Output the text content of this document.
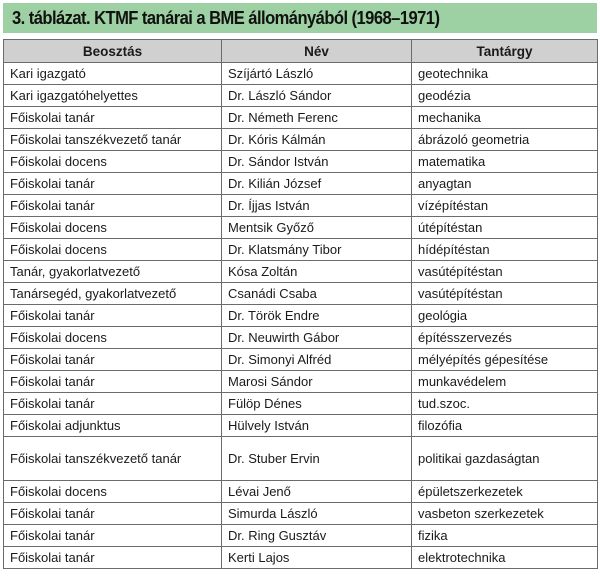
3. táblázat. KTMF tanárai a BME állományából (1968–1971)
Beosztás	Név	Tantárgy
Kari igazgató	Szíjártó László	geotechnika
Kari igazgatóhelyettes	Dr. László Sándor	geodézia
Főiskolai tanár	Dr. Németh Ferenc	mechanika
Főiskolai tanszékvezető tanár	Dr. Kóris Kálmán	ábrázoló geometria
Főiskolai docens	Dr. Sándor István	matematika
Főiskolai tanár	Dr. Kilián József	anyagtan
Főiskolai tanár	Dr. Íjjas István	vízépítéstan
Főiskolai docens	Mentsik Győző	útépítéstan
Főiskolai docens	Dr. Klatsmány Tibor	hídépítéstan
Tanár, gyakorlatvezető	Kósa Zoltán	vasútépítéstan
Tanársegéd, gyakorlatvezető	Csanádi Csaba	vasútépítéstan
Főiskolai tanár	Dr. Török Endre	geológia
Főiskolai docens	Dr. Neuwirth Gábor	építésszervezés
Főiskolai tanár	Dr. Simonyi Alfréd	mélyépítés gépesítése
Főiskolai tanár	Marosi Sándor	munkavédelem
Főiskolai tanár	Fülöp Dénes	tud.szoc.
Főiskolai adjunktus	Hülvely István	filozófia
Főiskolai tanszékvezető tanár	Dr. Stuber Ervin	politikai gazdaságtan
Főiskolai docens	Lévai Jenő	épületszerkezetek
Főiskolai tanár	Simurda László	vasbeton szerkezetek
Főiskolai tanár	Dr. Ring Gusztáv	fizika
Főiskolai tanár	Kerti Lajos	elektrotechnika
